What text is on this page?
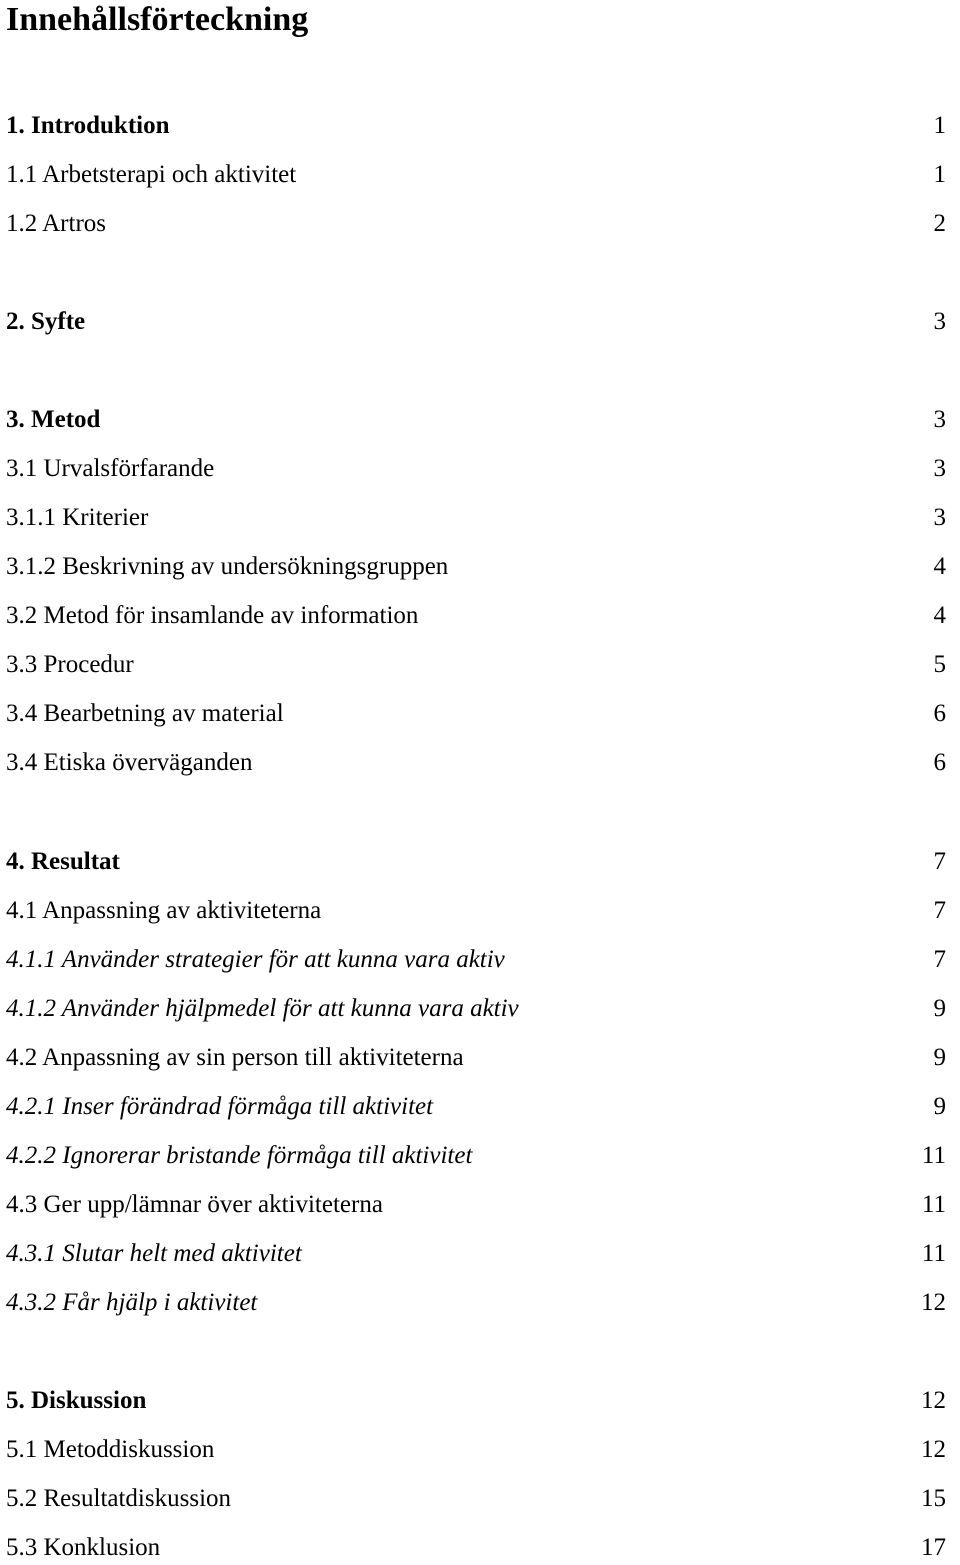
Innehållsförteckning
1. Introduktion	1
1.1 Arbetsterapi och aktivitet	1
1.2 Artros	2
2. Syfte	3
3. Metod	3
3.1 Urvalsförfarande	3
3.1.1 Kriterier	3
3.1.2 Beskrivning av undersökningsgruppen	4
3.2 Metod för insamlande av information	4
3.3 Procedur	5
3.4 Bearbetning av material	6
3.4 Etiska överväganden	6
4. Resultat	7
4.1 Anpassning av aktiviteterna	7
4.1.1 Använder strategier för att kunna vara aktiv	7
4.1.2 Använder hjälpmedel för att kunna vara aktiv	9
4.2 Anpassning av sin person till aktiviteterna	9
4.2.1 Inser förändrad förmåga till aktivitet	9
4.2.2 Ignorerar bristande förmåga till aktivitet	11
4.3 Ger upp/lämnar över aktiviteterna	11
4.3.1 Slutar helt med aktivitet	11
4.3.2 Får hjälp i aktivitet	12
5. Diskussion	12
5.1 Metoddiskussion	12
5.2 Resultatdiskussion	15
5.3 Konklusion	17
